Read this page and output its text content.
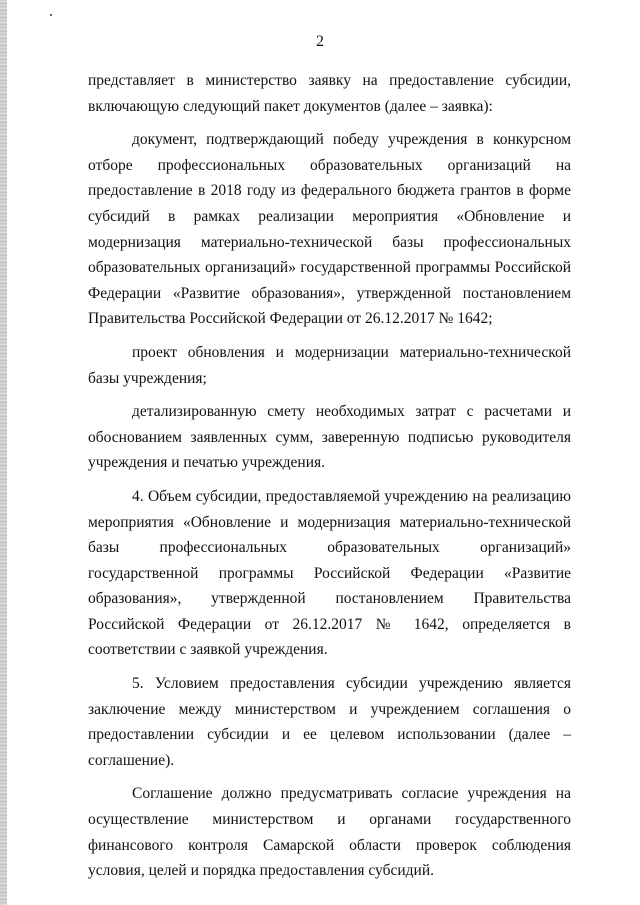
2

представляет в министерство заявку на предоставление субсидии, включающую следующий пакет документов (далее – заявка):

документ, подтверждающий победу учреждения в конкурсном отборе профессиональных образовательных организаций на предоставление в 2018 году из федерального бюджета грантов в форме субсидий в рамках реализации мероприятия «Обновление и модернизация материально-технической базы профессиональных образовательных организаций» государственной программы Российской Федерации «Развитие образования», утвержденной постановлением Правительства Российской Федерации от 26.12.2017 № 1642;

проект обновления и модернизации материально-технической базы учреждения;

детализированную смету необходимых затрат с расчетами и обоснованием заявленных сумм, заверенную подписью руководителя учреждения и печатью учреждения.

4. Объем субсидии, предоставляемой учреждению на реализацию мероприятия «Обновление и модернизация материально-технической базы профессиональных образовательных организаций» государственной программы Российской Федерации «Развитие образования», утвержденной постановлением Правительства Российской Федерации от 26.12.2017 № 1642, определяется в соответствии с заявкой учреждения.

5. Условием предоставления субсидии учреждению является заключение между министерством и учреждением соглашения о предоставлении субсидии и ее целевом использовании (далее – соглашение).

Соглашение должно предусматривать согласие учреждения на осуществление министерством и органами государственного финансового контроля Самарской области проверок соблюдения условия, целей и порядка предоставления субсидий.
